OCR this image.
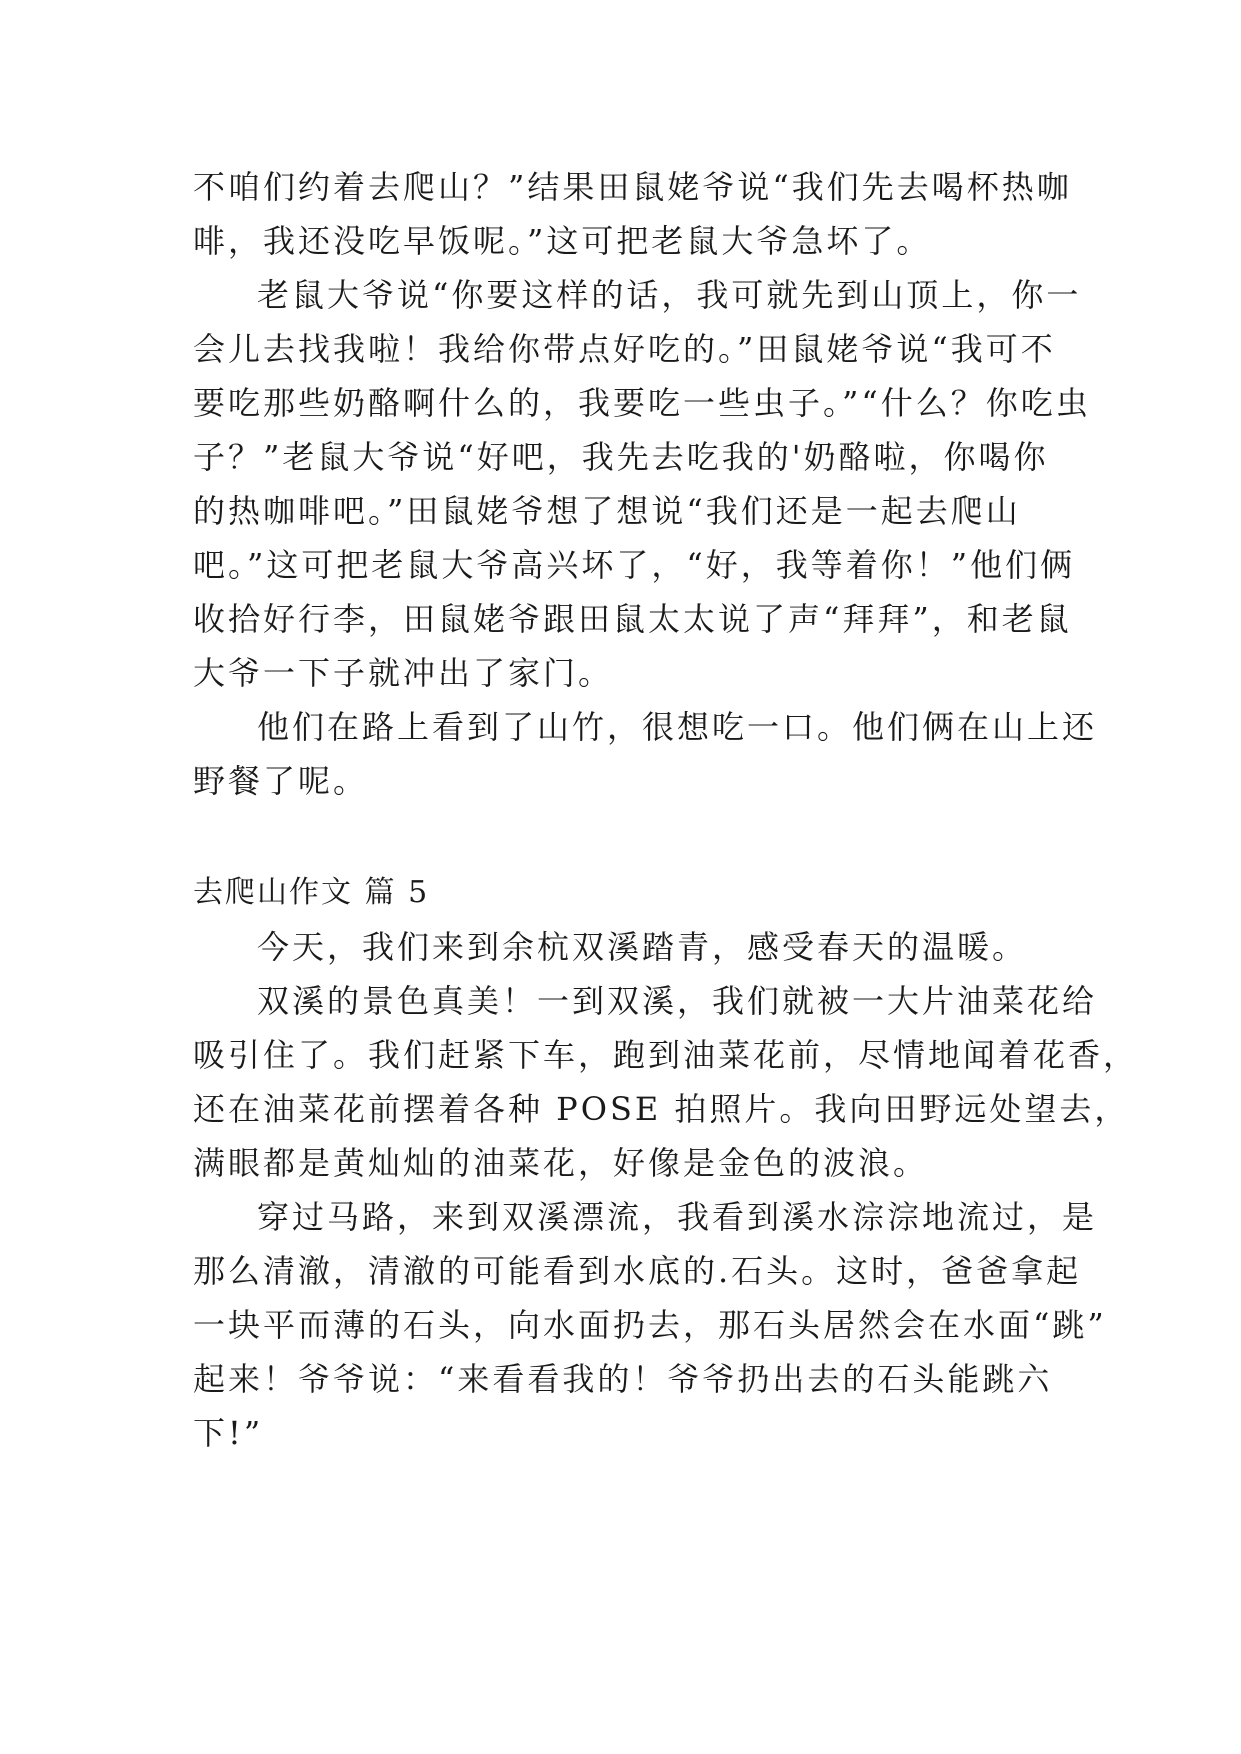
不咱们约着去爬山？”结果田鼠姥爷说“我们先去喝杯热咖

啡，我还没吃早饭呢。”这可把老鼠大爷急坏了。

老鼠大爷说“你要这样的话，我可就先到山顶上，你一

会儿去找我啦！我给你带点好吃的。”田鼠姥爷说“我可不

要吃那些奶酪啊什么的，我要吃一些虫子。”“什么？你吃虫

子？”老鼠大爷说“好吧，我先去吃我的'奶酪啦，你喝你

的热咖啡吧。”田鼠姥爷想了想说“我们还是一起去爬山

吧。”这可把老鼠大爷高兴坏了，“好，我等着你！”他们俩

收拾好行李，田鼠姥爷跟田鼠太太说了声“拜拜”，和老鼠

大爷一下子就冲出了家门。

他们在路上看到了山竹，很想吃一口。他们俩在山上还

野餐了呢。

去爬山作文 篇 5

今天，我们来到余杭双溪踏青，感受春天的温暖。

双溪的景色真美！一到双溪，我们就被一大片油菜花给

吸引住了。我们赶紧下车，跑到油菜花前，尽情地闻着花香，

还在油菜花前摆着各种 POSE 拍照片。我向田野远处望去，

满眼都是黄灿灿的油菜花，好像是金色的波浪。

穿过马路，来到双溪漂流，我看到溪水淙淙地流过，是

那么清澈，清澈的可能看到水底的.石头。这时，爸爸拿起

一块平而薄的石头，向水面扔去，那石头居然会在水面“跳”

起来！爷爷说：“来看看我的！爷爷扔出去的石头能跳六

下!”
